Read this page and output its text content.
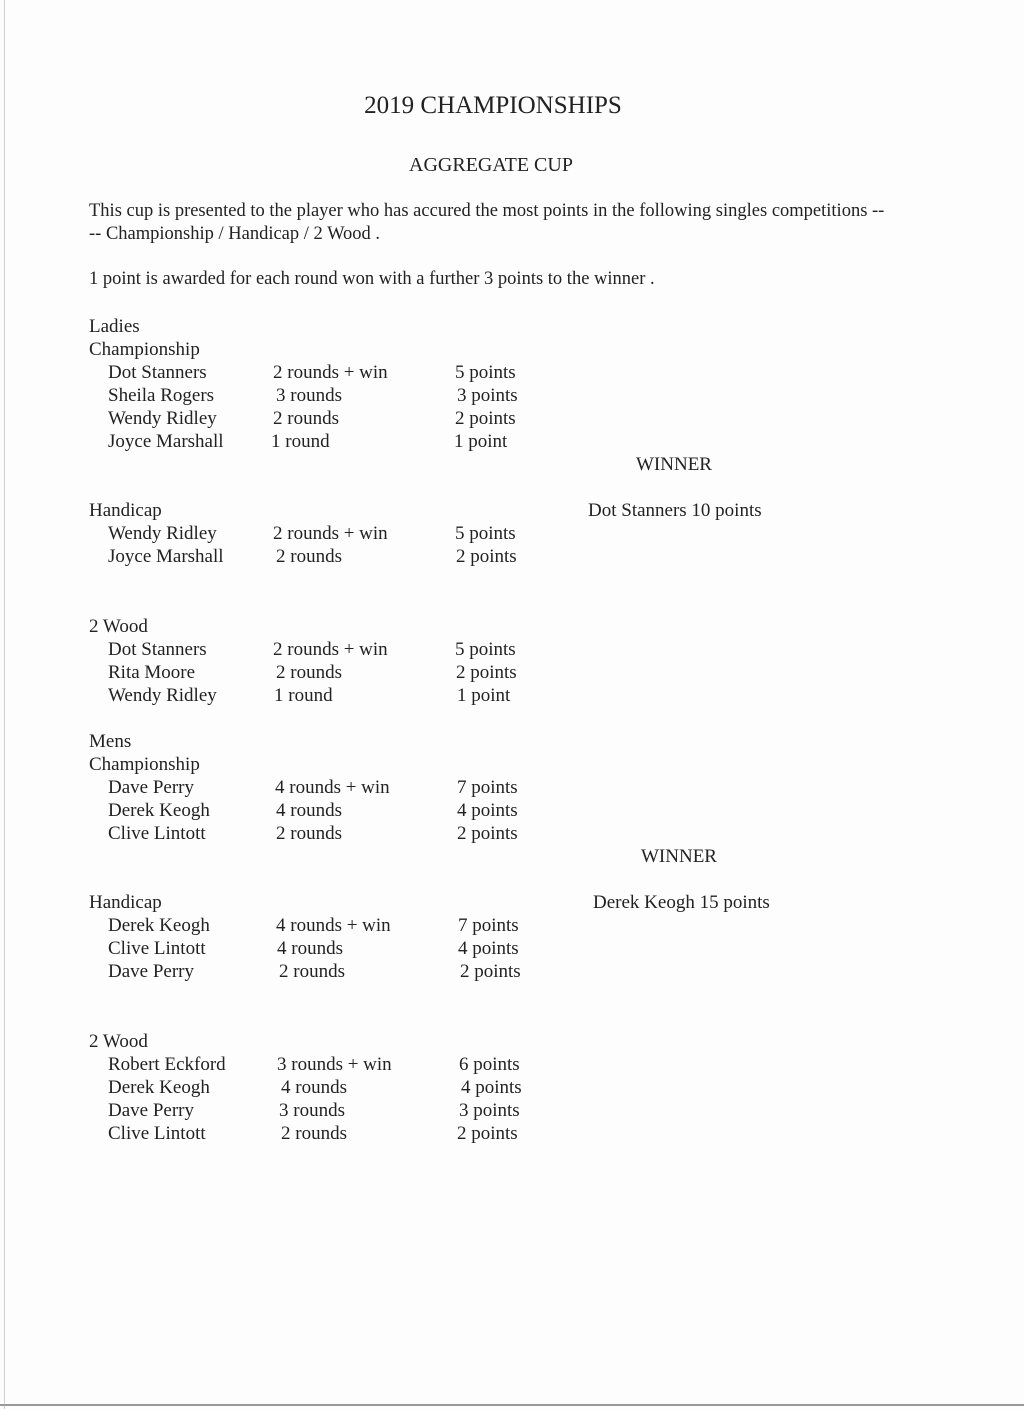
2019 CHAMPIONSHIPS
AGGREGATE CUP
This cup is presented to the player who has accured the most points in the following singles competitions ---- Championship / Handicap / 2 Wood .
1 point is awarded for each round won with a further 3 points to the winner .
Ladies
Championship
Dot Stanners	2 rounds + win	5 points
Sheila Rogers	3 rounds	3 points
Wendy Ridley	2 rounds	2 points
Joyce Marshall 1 round	1 point
WINNER
Handicap	Dot Stanners 10 points
Wendy Ridley	2 rounds + win	5 points
Joyce Marshall	2 rounds	2 points
2 Wood
Dot Stanners	2 rounds + win	5 points
Rita Moore	2 rounds	2 points
Wendy Ridley	1 round	1 point
Mens
Championship
Dave Perry	4 rounds + win	7 points
Derek Keogh	4 rounds	4 points
Clive Lintott	2 rounds	2 points
WINNER
Handicap	Derek Keogh 15 points
Derek Keogh	4 rounds + win	7 points
Clive Lintott	4 rounds	4 points
Dave Perry	2 rounds	2 points
2 Wood
Robert Eckford	3 rounds + win	6 points
Derek Keogh	4 rounds	4 points
Dave Perry	3 rounds	3 points
Clive Lintott	2 rounds	2 points
